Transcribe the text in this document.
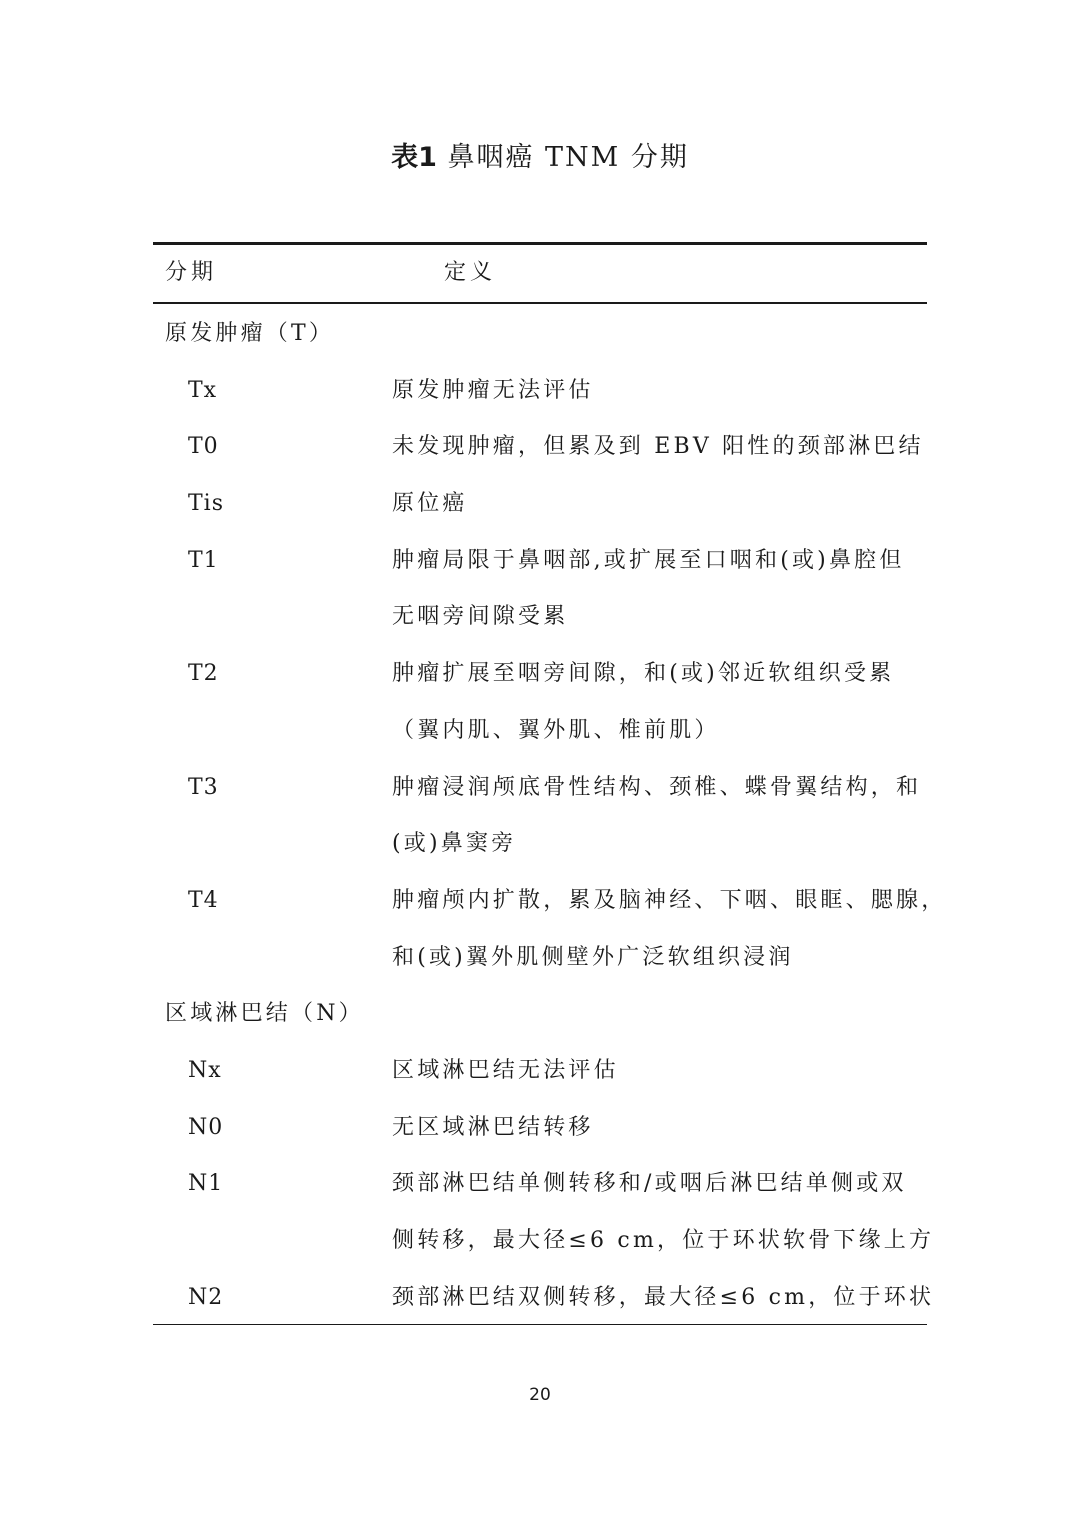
表1 鼻咽癌 TNM 分期
分期	定义
原发肿瘤（T）
Tx	原发肿瘤无法评估
T0	未发现肿瘤，但累及到 EBV 阳性的颈部淋巴结
Tis	原位癌
T1	肿瘤局限于鼻咽部,或扩展至口咽和(或)鼻腔但
无咽旁间隙受累
T2	肿瘤扩展至咽旁间隙，和(或)邻近软组织受累
（翼内肌、翼外肌、椎前肌）
T3	肿瘤浸润颅底骨性结构、颈椎、蝶骨翼结构，和
(或)鼻窦旁
T4	肿瘤颅内扩散，累及脑神经、下咽、眼眶、腮腺，
和(或)翼外肌侧壁外广泛软组织浸润
区域淋巴结（N）
Nx	区域淋巴结无法评估
N0	无区域淋巴结转移
N1	颈部淋巴结单侧转移和/或咽后淋巴结单侧或双
侧转移，最大径≤6 cm，位于环状软骨下缘上方
N2	颈部淋巴结双侧转移，最大径≤6 cm，位于环状
20
